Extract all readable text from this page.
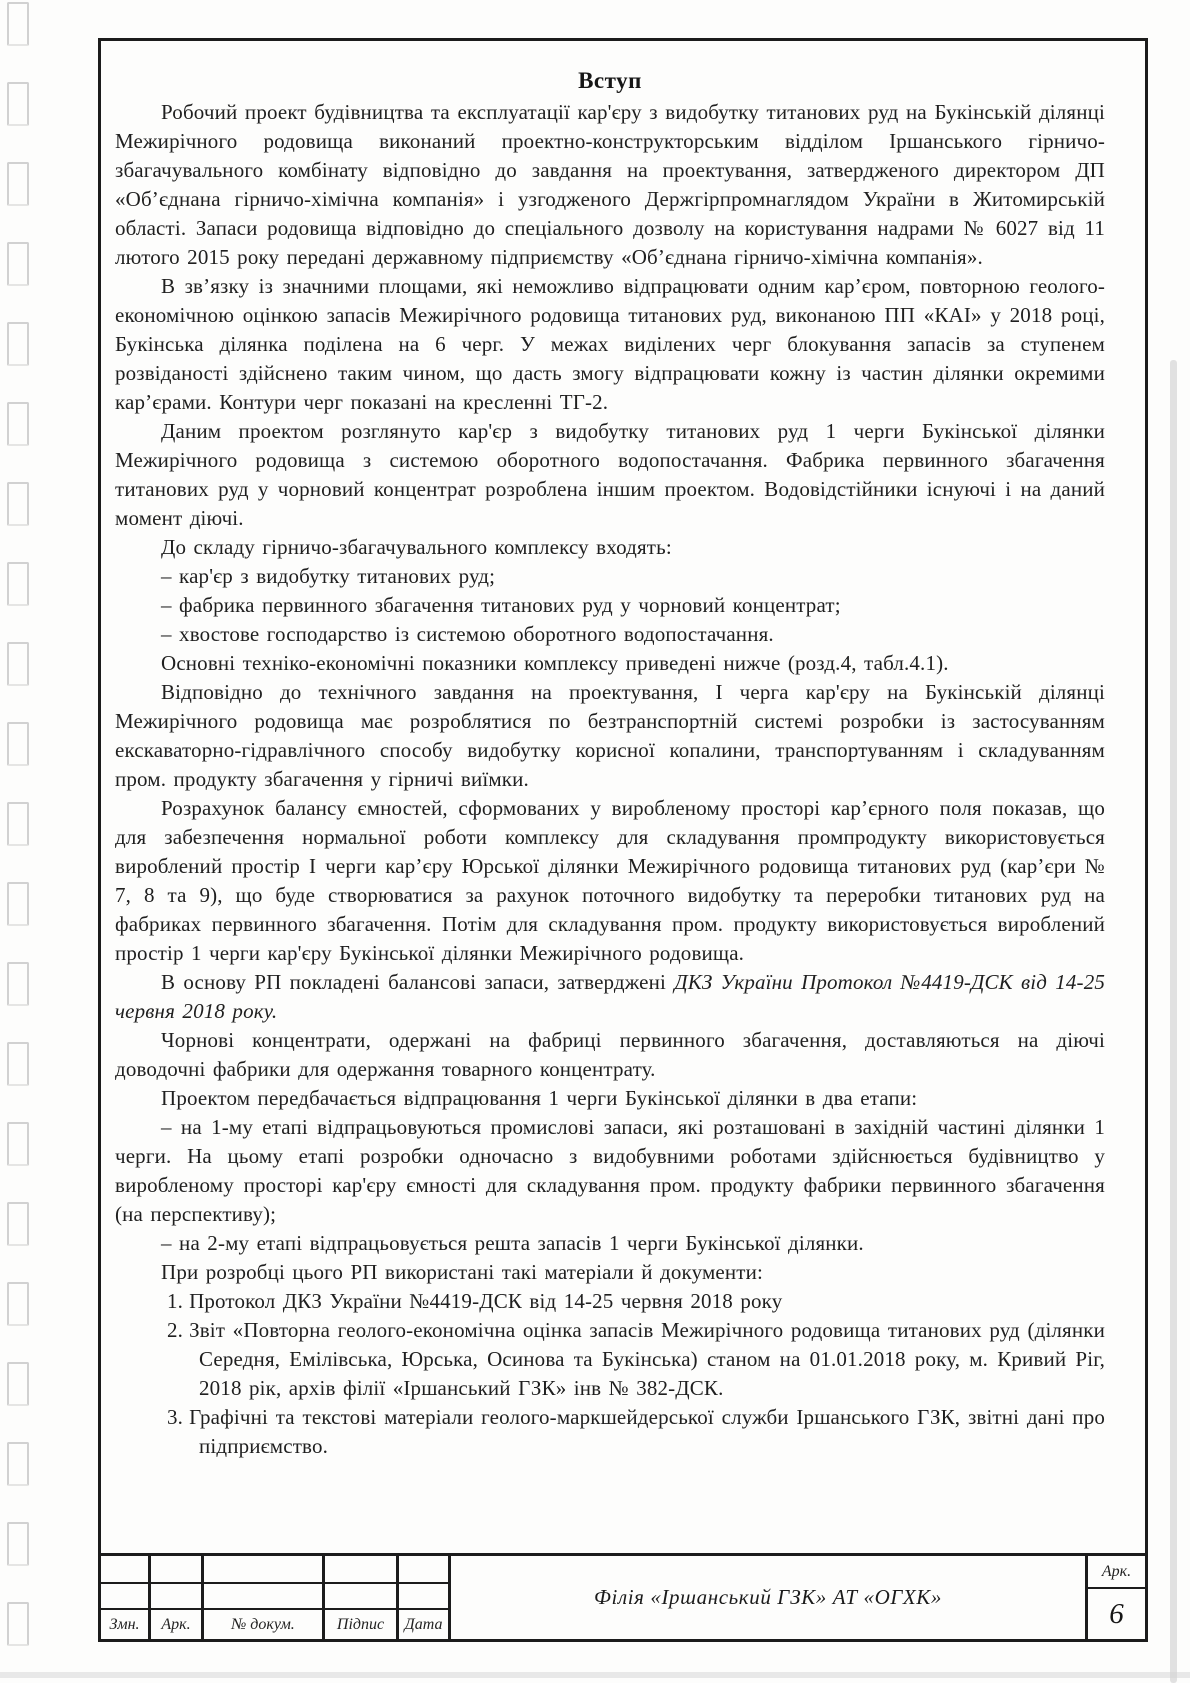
Вступ

Робочий проект будівництва та експлуатації кар'єру з видобутку титанових руд на Букінській ділянці Межирічного родовища виконаний проектно-конструкторським відділом Іршанського гірничо-збагачувального комбінату відповідно до завдання на проектування, затвердженого директором ДП «Об’єднана гірничо-хімічна компанія» і узгодженого Держгірпромнаглядом України в Житомирській області. Запаси родовища відповідно до спеціального дозволу на користування надрами № 6027 від 11 лютого 2015 року передані державному підприємству «Об’єднана гірничо-хімічна компанія».

В зв’язку із значними площами, які неможливо відпрацювати одним кар’єром, повторною геолого-економічною оцінкою запасів Межирічного родовища титанових руд, виконаною ПП «КАІ» у 2018 році, Букінська ділянка поділена на 6 черг. У межах виділених черг блокування запасів за ступенем розвіданості здійснено таким чином, що дасть змогу відпрацювати кожну із частин ділянки окремими кар’єрами. Контури черг показані на кресленні ТГ-2.

Даним проектом розглянуто кар'єр з видобутку титанових руд 1 черги Букінської ділянки Межирічного родовища з системою оборотного водопостачання. Фабрика первинного збагачення титанових руд у чорновий концентрат розроблена іншим проектом. Водовідстійники існуючі і на даний момент діючі.

До складу гірничо-збагачувального комплексу входять:

– кар'єр з видобутку титанових руд;

– фабрика первинного збагачення титанових руд у чорновий концентрат;

– хвостове господарство із системою оборотного водопостачання.

Основні техніко-економічні показники комплексу приведені нижче (розд.4, табл.4.1).

Відповідно до технічного завдання на проектування, І черга кар'єру на Букінській ділянці Межирічного родовища має розроблятися по безтранспортній системі розробки із застосуванням екскаваторно-гідравлічного способу видобутку корисної копалини, транспортуванням і складуванням пром. продукту збагачення у гірничі виїмки.

Розрахунок балансу ємностей, сформованих у виробленому просторі кар’єрного поля показав, що для забезпечення нормальної роботи комплексу для складування промпродукту використовується вироблений простір І черги кар’єру Юрської ділянки Межирічного родовища титанових руд (кар’єри № 7, 8 та 9), що буде створюватися за рахунок поточного видобутку та переробки титанових руд на фабриках первинного збагачення. Потім для складування пром. продукту використовується вироблений простір 1 черги кар'єру Букінської ділянки Межирічного родовища.

В основу РП покладені балансові запаси, затверджені ДКЗ України Протокол №4419-ДСК від 14-25 червня 2018 року.

Чорнові концентрати, одержані на фабриці первинного збагачення, доставляються на діючі доводочні фабрики для одержання товарного концентрату.

Проектом передбачається відпрацювання 1 черги Букінської ділянки в два етапи:

– на 1-му етапі відпрацьовуються промислові запаси, які розташовані в західній частині ділянки 1 черги. На цьому етапі розробки одночасно з видобувними роботами здійснюється будівництво у виробленому просторі кар'єру ємності для складування пром. продукту фабрики первинного збагачення (на перспективу);

– на 2-му етапі відпрацьовується решта запасів 1 черги Букінської ділянки.

При розробці цього РП використані такі матеріали й документи:

1. Протокол ДКЗ України №4419-ДСК від 14-25 червня 2018 року

2. Звіт «Повторна геолого-економічна оцінка запасів Межирічного родовища титанових руд (ділянки Середня, Емілівська, Юрська, Осинова та Букінська) станом на 01.01.2018 року, м. Кривий Ріг, 2018 рік, архів філії «Іршанський ГЗК» інв № 382-ДСК.

3. Графічні та текстові матеріали геолого-маркшейдерської служби Іршанського ГЗК, звітні дані про підприємство.

Змн.	Арк.	№ докум.	Підпис	Дата
Філія «Іршанський ГЗК» АТ «ОГХК»
Арк.
6
